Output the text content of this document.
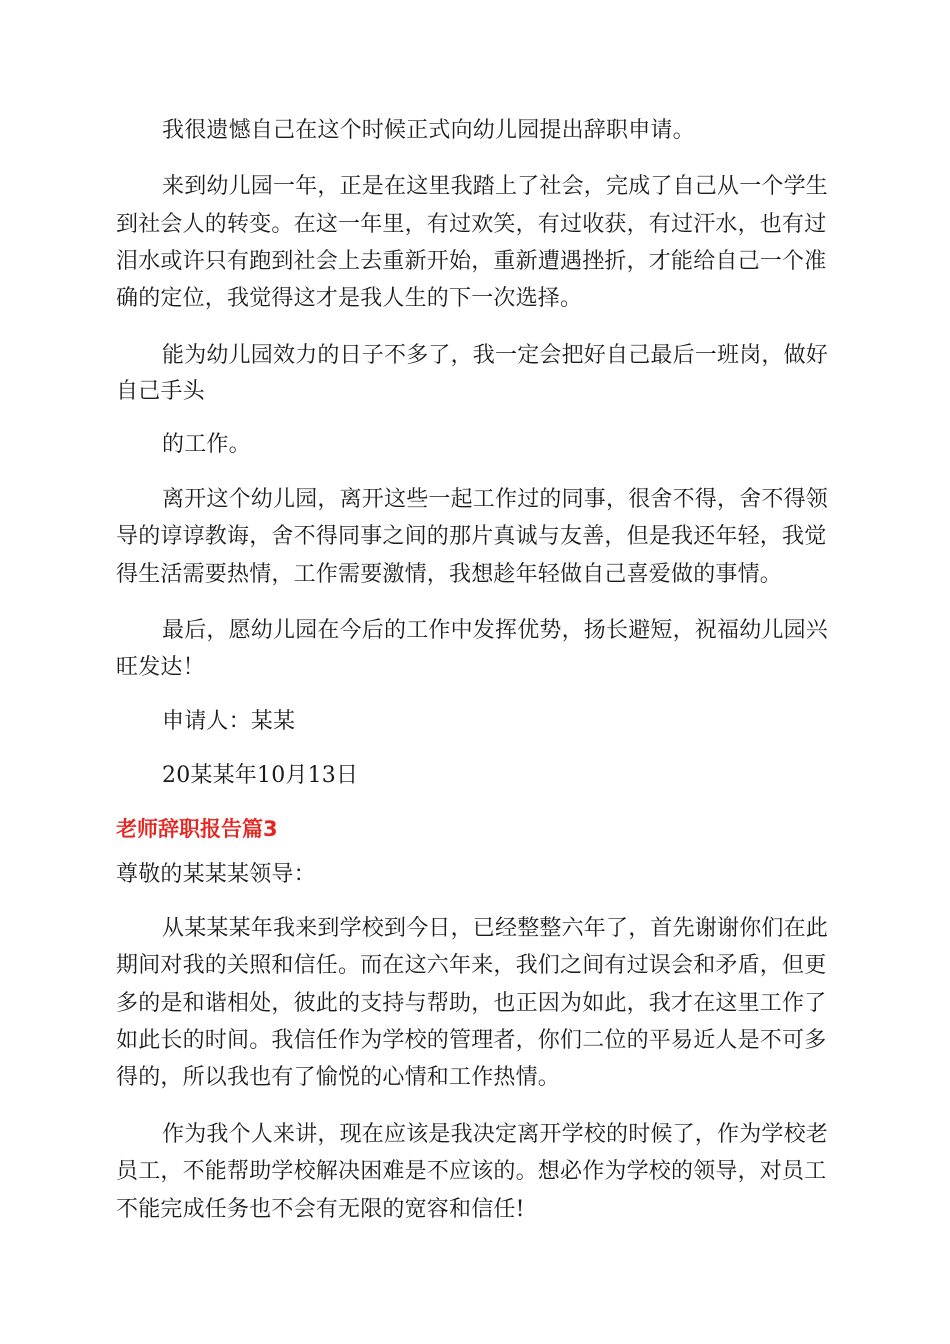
我很遗憾自己在这个时候正式向幼儿园提出辞职申请。
来到幼儿园一年，正是在这里我踏上了社会，完成了自己从一个学生
到社会人的转变。在这一年里，有过欢笑，有过收获，有过汗水，也有过
泪水或许只有跑到社会上去重新开始，重新遭遇挫折，才能给自己一个准
确的定位，我觉得这才是我人生的下一次选择。
能为幼儿园效力的日子不多了，我一定会把好自己最后一班岗，做好
自己手头
的工作。
离开这个幼儿园，离开这些一起工作过的同事，很舍不得，舍不得领
导的谆谆教诲，舍不得同事之间的那片真诚与友善，但是我还年轻，我觉
得生活需要热情，工作需要激情，我想趁年轻做自己喜爱做的事情。
最后，愿幼儿园在今后的工作中发挥优势，扬长避短，祝福幼儿园兴
旺发达！
申请人：某某
20某某年10月13日
老师辞职报告篇3
尊敬的某某某领导：
从某某某年我来到学校到今日，已经整整六年了，首先谢谢你们在此
期间对我的关照和信任。而在这六年来，我们之间有过误会和矛盾，但更
多的是和谐相处，彼此的支持与帮助，也正因为如此，我才在这里工作了
如此长的时间。我信任作为学校的管理者，你们二位的平易近人是不可多
得的，所以我也有了愉悦的心情和工作热情。
作为我个人来讲，现在应该是我决定离开学校的时候了，作为学校老
员工，不能帮助学校解决困难是不应该的。想必作为学校的领导，对员工
不能完成任务也不会有无限的宽容和信任!
